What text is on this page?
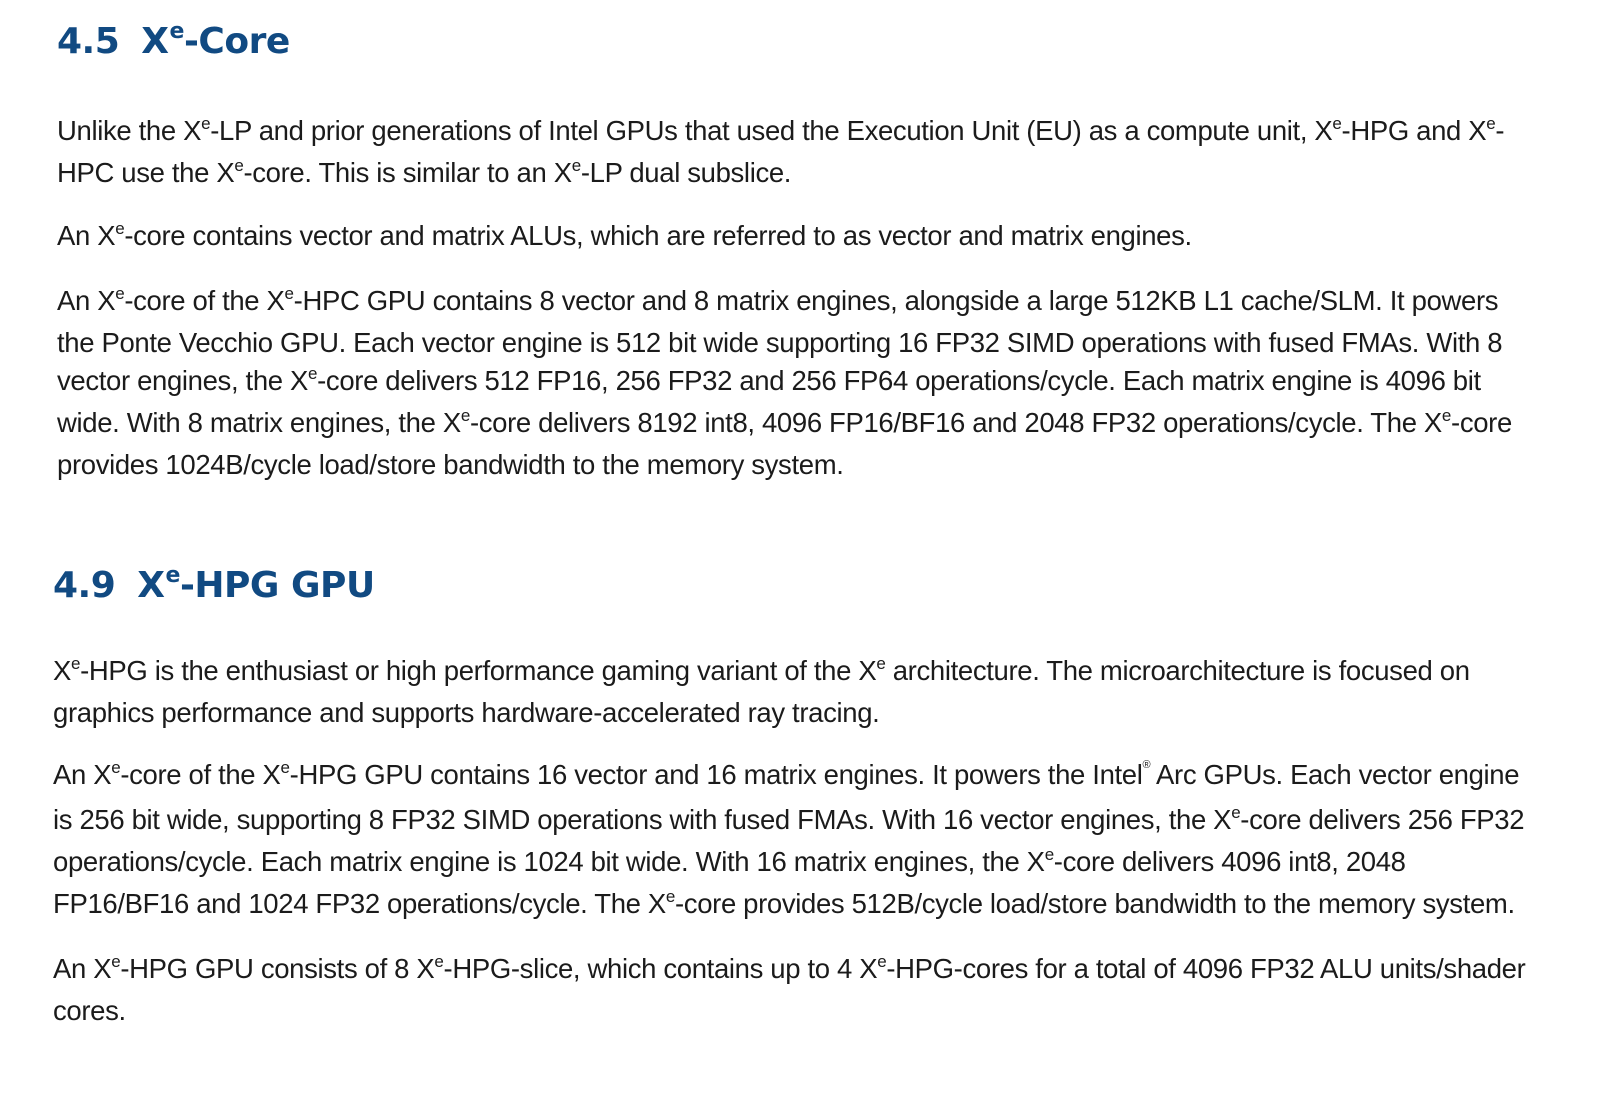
4.5 Xe-Core

Unlike the Xe-LP and prior generations of Intel GPUs that used the Execution Unit (EU) as a compute unit, Xe-HPG and Xe-HPC use the Xe-core. This is similar to an Xe-LP dual subslice.

An Xe-core contains vector and matrix ALUs, which are referred to as vector and matrix engines.

An Xe-core of the Xe-HPC GPU contains 8 vector and 8 matrix engines, alongside a large 512KB L1 cache/SLM. It powers the Ponte Vecchio GPU. Each vector engine is 512 bit wide supporting 16 FP32 SIMD operations with fused FMAs. With 8 vector engines, the Xe-core delivers 512 FP16, 256 FP32 and 256 FP64 operations/cycle. Each matrix engine is 4096 bit wide. With 8 matrix engines, the Xe-core delivers 8192 int8, 4096 FP16/BF16 and 2048 FP32 operations/cycle. The Xe-core provides 1024B/cycle load/store bandwidth to the memory system.

4.9 Xe-HPG GPU

Xe-HPG is the enthusiast or high performance gaming variant of the Xe architecture. The microarchitecture is focused on graphics performance and supports hardware-accelerated ray tracing.

An Xe-core of the Xe-HPG GPU contains 16 vector and 16 matrix engines. It powers the Intel® Arc GPUs. Each vector engine is 256 bit wide, supporting 8 FP32 SIMD operations with fused FMAs. With 16 vector engines, the Xe-core delivers 256 FP32 operations/cycle. Each matrix engine is 1024 bit wide. With 16 matrix engines, the Xe-core delivers 4096 int8, 2048 FP16/BF16 and 1024 FP32 operations/cycle. The Xe-core provides 512B/cycle load/store bandwidth to the memory system.

An Xe-HPG GPU consists of 8 Xe-HPG-slice, which contains up to 4 Xe-HPG-cores for a total of 4096 FP32 ALU units/shader cores.
